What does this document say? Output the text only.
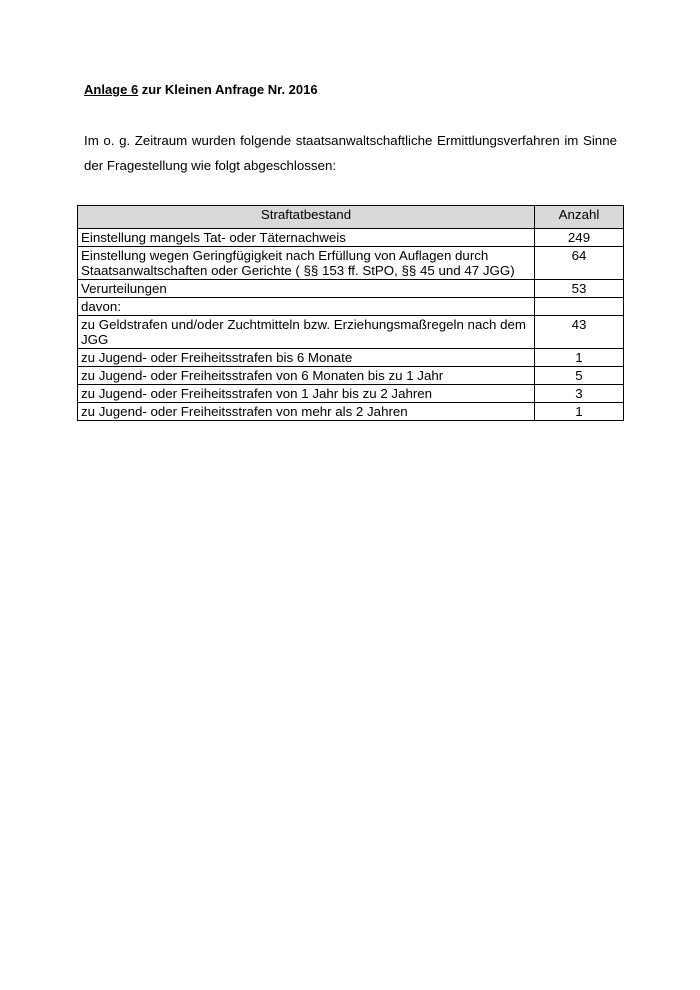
Anlage 6 zur Kleinen Anfrage Nr. 2016
Im o. g. Zeitraum wurden folgende staatsanwaltschaftliche Ermittlungsverfahren im Sinne der Fragestellung wie folgt abgeschlossen:
Straftatbestand	Anzahl
Einstellung mangels Tat- oder Täternachweis	249
Einstellung wegen Geringfügigkeit nach Erfüllung von Auflagen durch Staatsanwaltschaften oder Gerichte ( §§ 153 ff. StPO, §§ 45 und 47 JGG)	64
Verurteilungen	53
davon:	
zu Geldstrafen und/oder Zuchtmitteln bzw. Erziehungsmaßregeln nach dem JGG	43
zu Jugend- oder Freiheitsstrafen bis 6 Monate	1
zu Jugend- oder Freiheitsstrafen von 6 Monaten bis zu 1 Jahr	5
zu Jugend- oder Freiheitsstrafen von 1 Jahr bis zu 2 Jahren	3
zu Jugend- oder Freiheitsstrafen von mehr als 2 Jahren	1
